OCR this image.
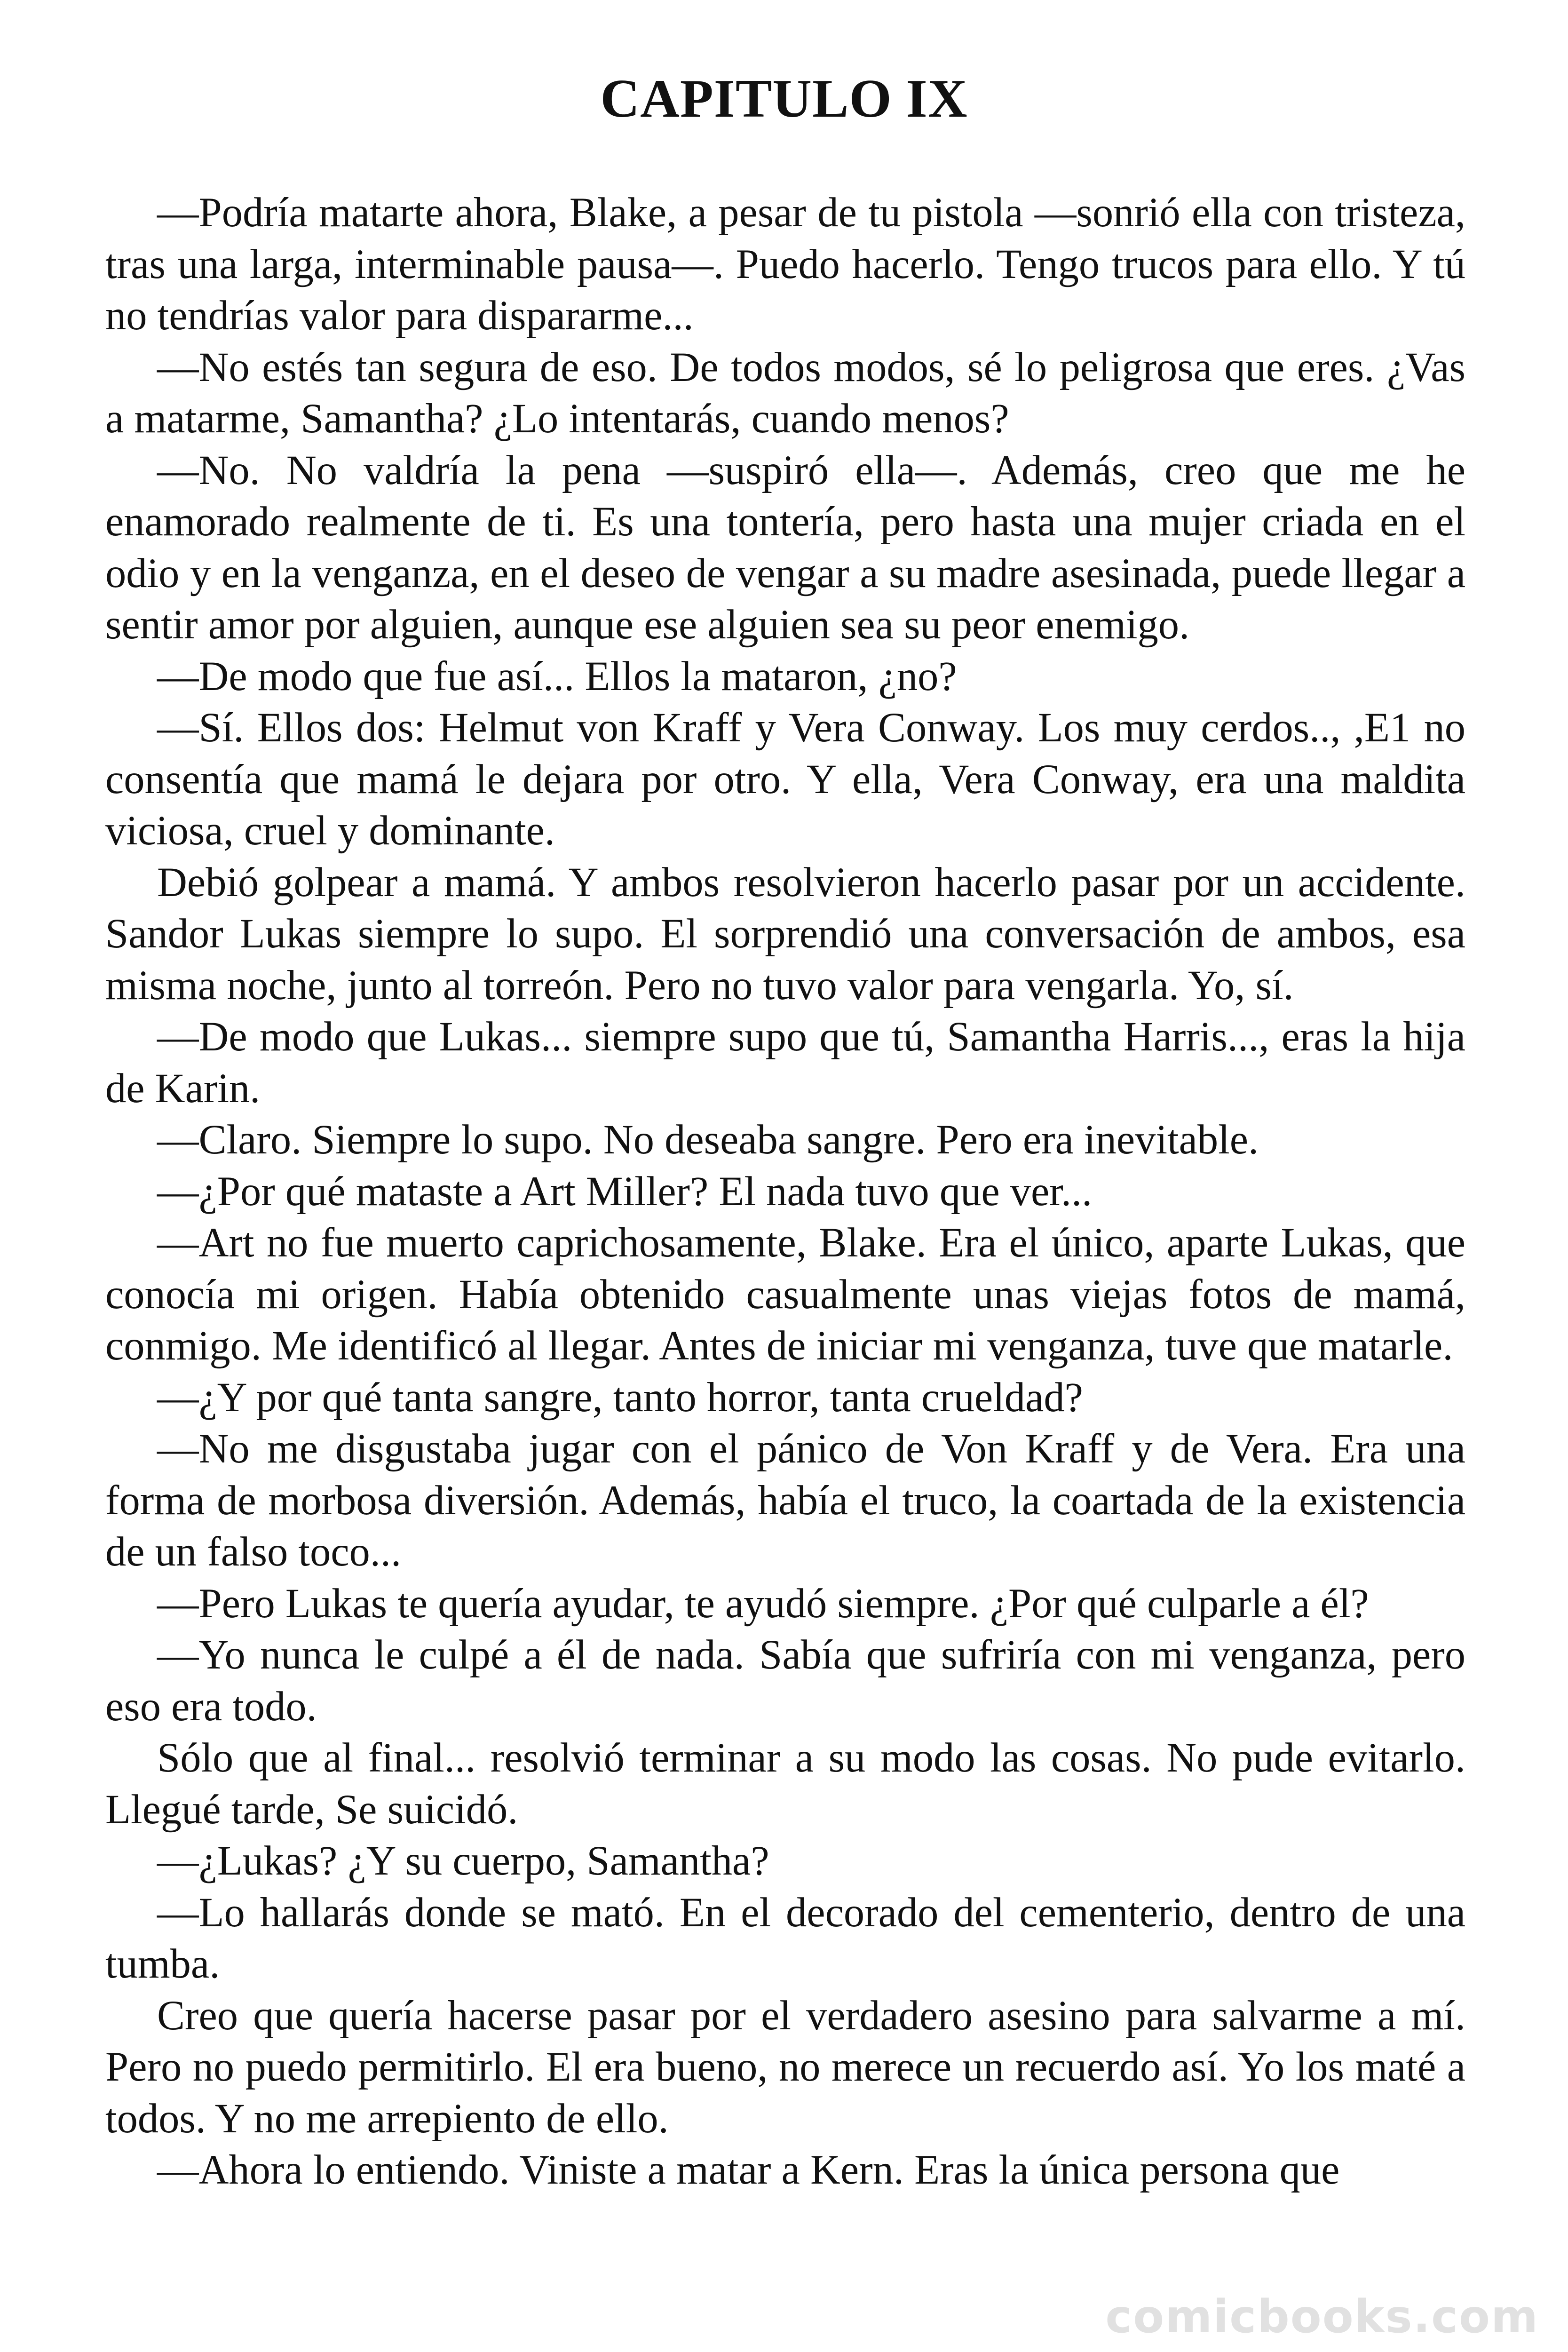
CAPITULO IX

—Podría matarte ahora, Blake, a pesar de tu pistola —sonrió ella con tristeza, tras una larga, interminable pausa—. Puedo hacerlo. Tengo trucos para ello. Y tú no tendrías valor para dispararme...

—No estés tan segura de eso. De todos modos, sé lo peligrosa que eres. ¿Vas a matarme, Samantha? ¿Lo intentarás, cuando menos?

—No. No valdría la pena —suspiró ella—. Además, creo que me he enamorado realmente de ti. Es una tontería, pero hasta una mujer criada en el odio y en la venganza, en el deseo de vengar a su madre asesinada, puede llegar a sentir amor por alguien, aunque ese alguien sea su peor enemigo.

—De modo que fue así... Ellos la mataron, ¿no?

—Sí. Ellos dos: Helmut von Kraff y Vera Conway. Los muy cerdos.., ,E1 no consentía que mamá le dejara por otro. Y ella, Vera Conway, era una maldita viciosa, cruel y dominante.

Debió golpear a mamá. Y ambos resolvieron hacerlo pasar por un accidente. Sandor Lukas siempre lo supo. El sorprendió una conversación de ambos, esa misma noche, junto al torreón. Pero no tuvo valor para vengarla. Yo, sí.

—De modo que Lukas... siempre supo que tú, Samantha Harris..., eras la hija de Karin.

—Claro. Siempre lo supo. No deseaba sangre. Pero era inevitable.

—¿Por qué mataste a Art Miller? El nada tuvo que ver...

—Art no fue muerto caprichosamente, Blake. Era el único, aparte Lukas, que conocía mi origen. Había obtenido casualmente unas viejas fotos de mamá, conmigo. Me identificó al llegar. Antes de iniciar mi venganza, tuve que matarle.

—¿Y por qué tanta sangre, tanto horror, tanta crueldad?

—No me disgustaba jugar con el pánico de Von Kraff y de Vera. Era una forma de morbosa diversión. Además, había el truco, la coartada de la existencia de un falso toco...

—Pero Lukas te quería ayudar, te ayudó siempre. ¿Por qué culparle a él?

—Yo nunca le culpé a él de nada. Sabía que sufriría con mi venganza, pero eso era todo.

Sólo que al final... resolvió terminar a su modo las cosas. No pude evitarlo. Llegué tarde, Se suicidó.

—¿Lukas? ¿Y su cuerpo, Samantha?

—Lo hallarás donde se mató. En el decorado del cementerio, dentro de una tumba.

Creo que quería hacerse pasar por el verdadero asesino para salvarme a mí. Pero no puedo permitirlo. El era bueno, no merece un recuerdo así. Yo los maté a todos. Y no me arrepiento de ello.

—Ahora lo entiendo. Viniste a matar a Kern. Eras la única persona que

comicbooks.com
